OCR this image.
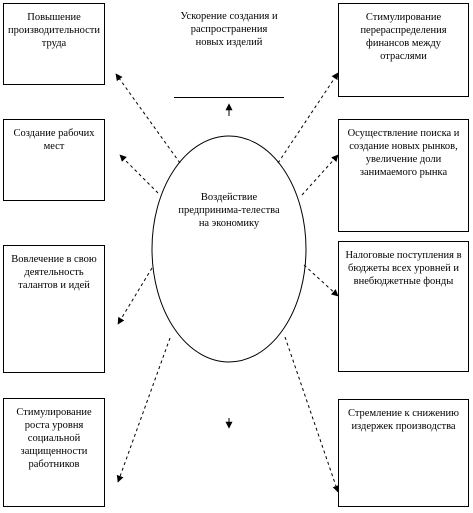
Воздействие предпринима-телества на экономику
Повышение производительности труда
Ускорение создания и распространения новых изделий
Стимулирование перераспределения финансов между отраслями
Создание рабочих мест
Осуществление поиска и создание новых рынков, увеличение доли занимаемого рынка
Вовлечение в свою деятельность талантов и идей
Налоговые поступления в бюджеты всех уровней и внебюджетные фонды
Стимулирование роста уровня социальной защищенности работников
Стремление к снижению издержек производства
